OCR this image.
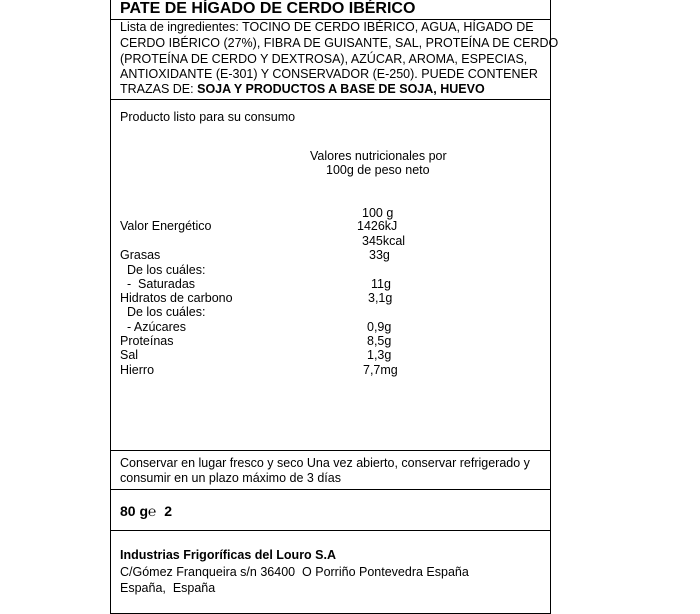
PATE DE HÍGADO DE CERDO IBÉRICO
Lista de ingredientes: TOCINO DE CERDO IBÉRICO, AGUA, HÍGADO DE
CERDO IBÉRICO (27%), FIBRA DE GUISANTE, SAL, PROTEÍNA DE CERDO
(PROTEÍNA DE CERDO Y DEXTROSA), AZÚCAR, AROMA, ESPECIAS,
ANTIOXIDANTE (E-301) Y CONSERVADOR (E-250). PUEDE CONTENER
TRAZAS DE: SOJA Y PRODUCTOS A BASE DE SOJA, HUEVO
Producto listo para su consumo
Valores nutricionales por
100g de peso neto
100 g
Valor Energético	1426kJ
345kcal
Grasas	33g
De los cuáles:
-  Saturadas	11g
Hidratos de carbono	3,1g
De los cuáles:
- Azúcares	0,9g
Proteínas	8,5g
Sal	1,3g
Hierro	7,7mg
Conservar en lugar fresco y seco Una vez abierto, conservar refrigerado y
consumir en un plazo máximo de 3 días
80 g℮ 2
Industrias Frigoríficas del Louro S.A
C/Gómez Franqueira s/n 36400  O Porriño Pontevedra España
España,  España
